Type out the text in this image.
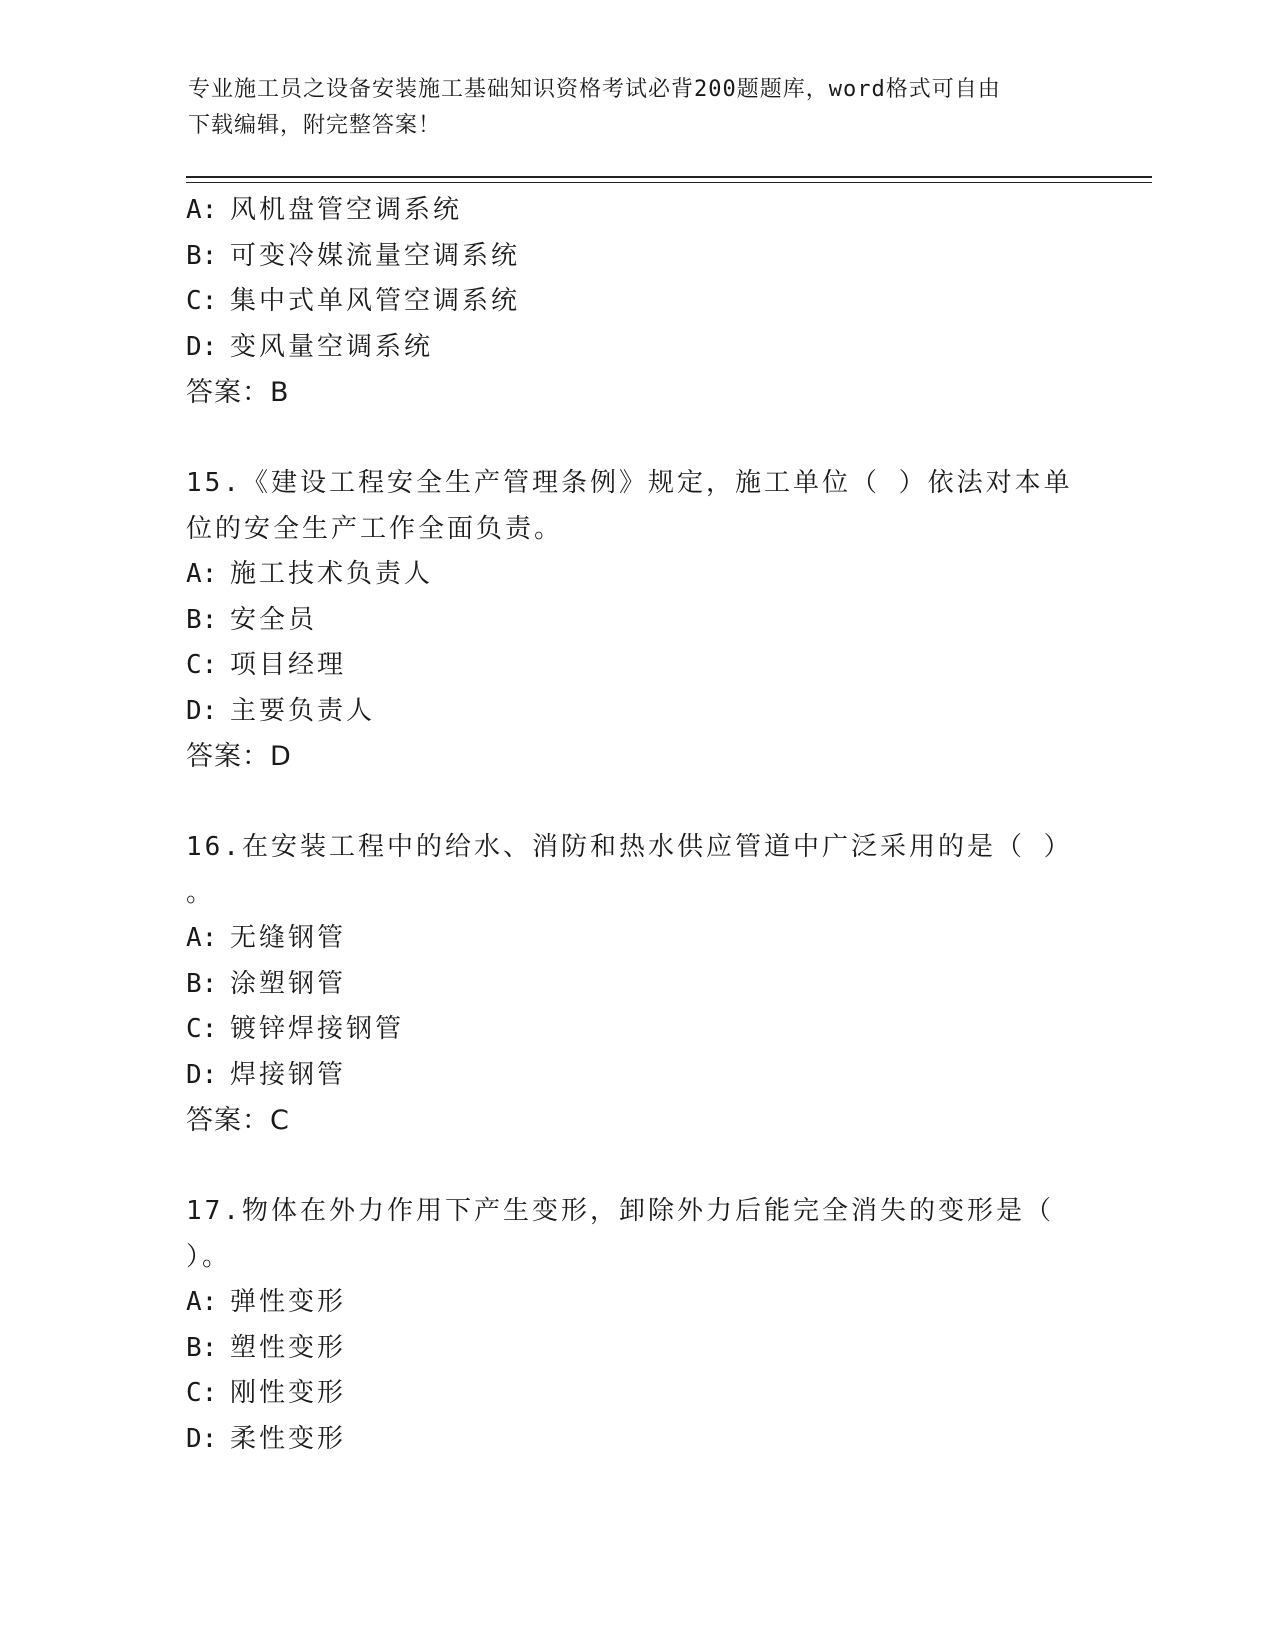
专业施工员之设备安装施工基础知识资格考试必背200题题库，word格式可自由
下载编辑，附完整答案！
A: 风机盘管空调系统
B: 可变冷媒流量空调系统
C: 集中式单风管空调系统
D: 变风量空调系统
答案：B
15.《建设工程安全生产管理条例》规定，施工单位（ ）依法对本单
位的安全生产工作全面负责。
A: 施工技术负责人
B: 安全员
C: 项目经理
D: 主要负责人
答案：D
16.在安装工程中的给水、消防和热水供应管道中广泛采用的是（ ）
。
A: 无缝钢管
B: 涂塑钢管
C: 镀锌焊接钢管
D: 焊接钢管
答案：C
17.物体在外力作用下产生变形，卸除外力后能完全消失的变形是（
）。
A: 弹性变形
B: 塑性变形
C: 刚性变形
D: 柔性变形
